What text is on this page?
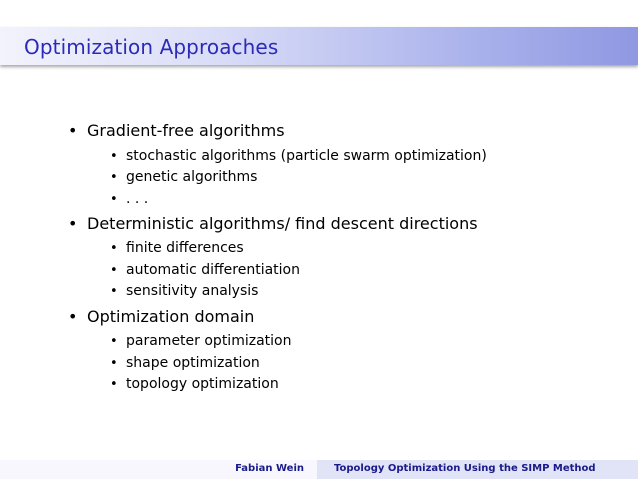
Optimization Approaches
• Gradient-free algorithms
• stochastic algorithms (particle swarm optimization)
• genetic algorithms
• . . .
• Deterministic algorithms/ find descent directions
• finite differences
• automatic differentiation
• sensitivity analysis
• Optimization domain
• parameter optimization
• shape optimization
• topology optimization
Fabian Wein	Topology Optimization Using the SIMP Method
